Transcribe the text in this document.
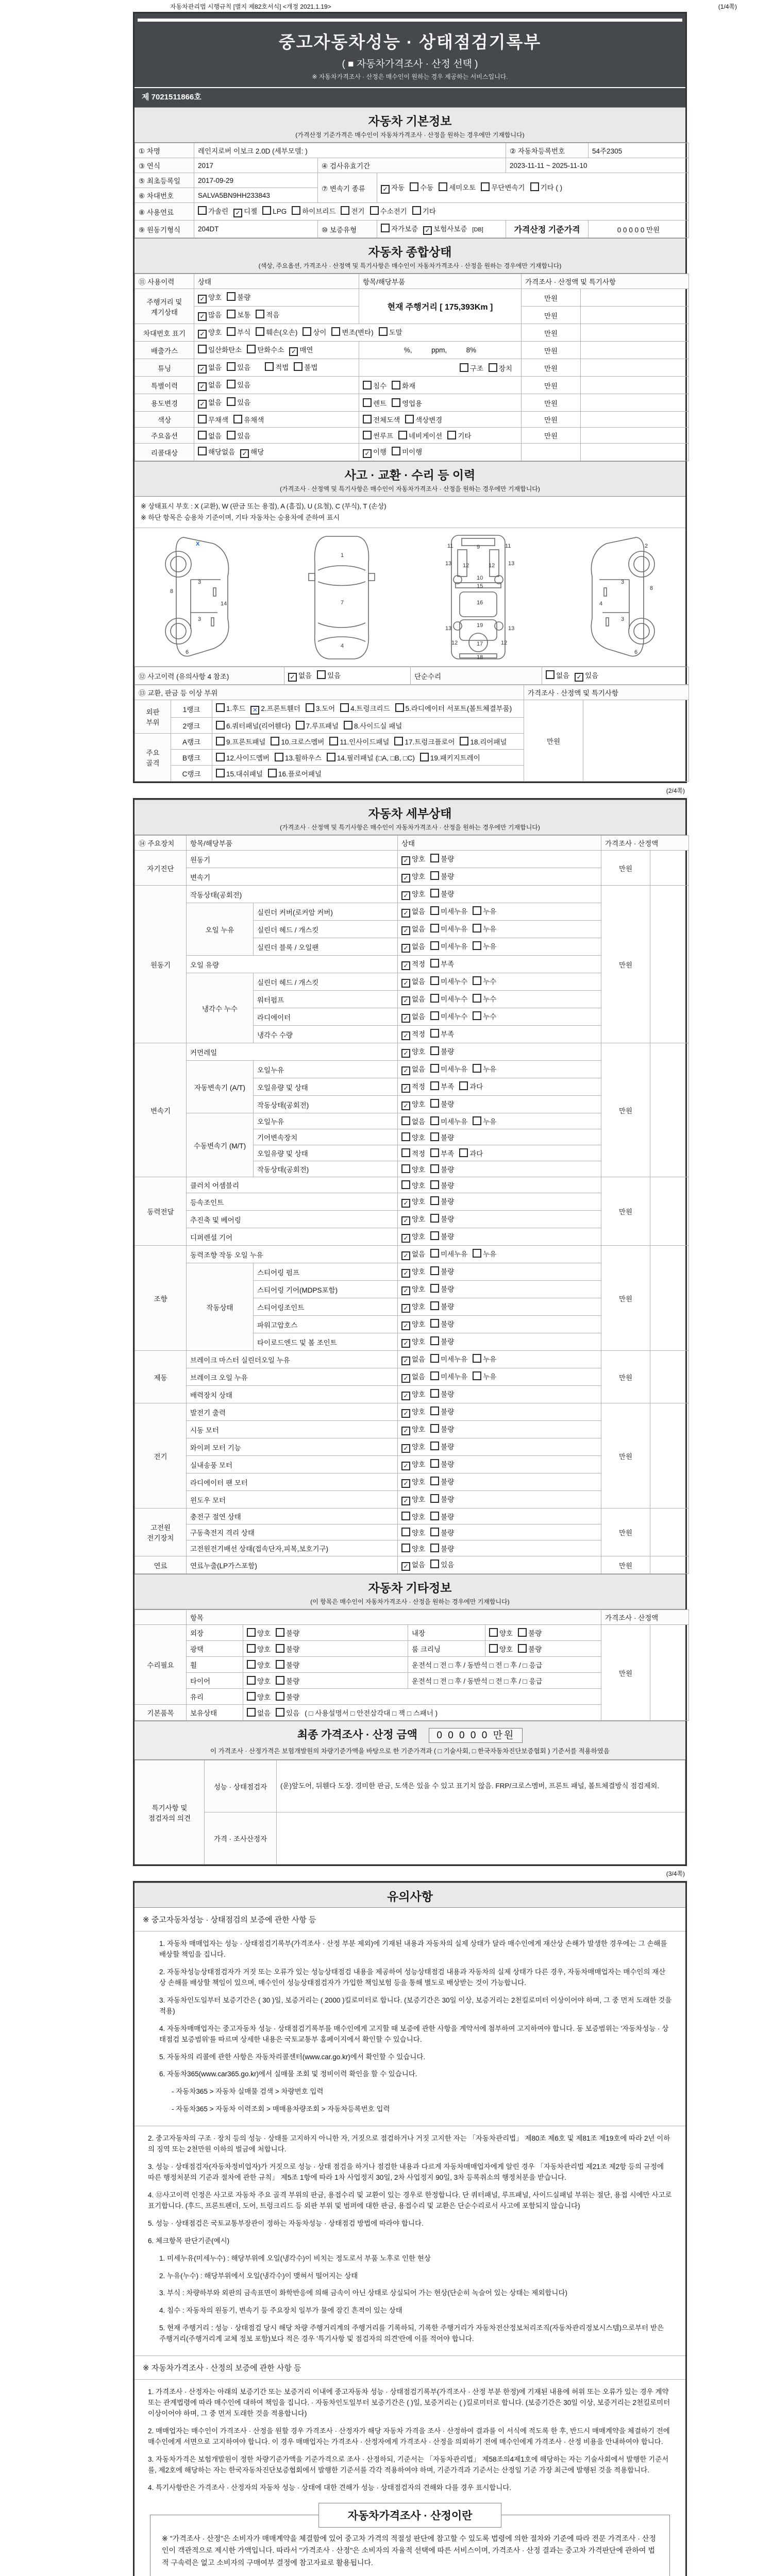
자동차관리법 시행규칙 [별지 제82호서식] <개정 2021.1.19>	(1/4쪽)
중고자동차성능 · 상태점검기록부
( ■ 자동차가격조사 · 산정 선택 )
※ 자동차가격조사 · 산정은 매수인이 원하는 경우 제공하는 서비스입니다.
제 7021511866호
자동차 기본정보
(가격산정 기준가격은 매수인이 자동차가격조사 · 산정을 원하는 경우에만 기재합니다)
① 차명	레인지로버 이보크 2.0D (세부모델: )			② 자동차등록번호	54주2305
③ 연식	2017	④ 검사유효기간		2023-11-11 ~ 2025-11-10	
⑤ 최초등록일	2017-09-29	⑦ 변속기 종류	✓ 자동 수동 세미오토 무단변속기 기타 ( )		
⑥ 차대번호	SALVA5BN9HH233843				
⑧ 사용연료	가솔린 ✓ 디젤 LPG 하이브리드 전기 수소전기 기타				
⑨ 원동기형식	204DT	⑩ 보증유형	자가보증 ✓ 보험사보증 [DB]	가격산정 기준가격	0 0 0 0 0 만원
자동차 종합상태
(색상, 주요옵션, 가격조사 · 산정액 및 특기사항은 매수인이 자동차가격조사 · 산정을 원하는 경우에만 기재합니다)
⑪ 사용이력	상태	항목/해당부품	가격조사 · 산정액 및 특기사항	
주행거리 및 계기상태	✓ 양호 불량	현재 주행거리 [ 175,393Km ]	만원	
	✓ 많음 보통 적음		만원	
차대번호 표기	✓ 양호 부식 훼손(오손) 상이 변조(변타) 도말		만원	
배출가스	일산화탄소 탄화수소 ✓ 매연	%,          ppm,          8%	만원	
튜닝	✓ 없음 있음 적법 불법	구조 장치	만원	
특별이력	✓ 없음 있음	침수 화재	만원	
용도변경	✓ 없음 있음	렌트 영업용	만원	
색상	무채색 유채색	전체도색 색상변경	만원	
주요옵션	없음 있음	썬루프 네비게이션 기타	만원	
리콜대상	해당없음 ✓ 해당	✓ 이행 미이행		
사고 · 교환 · 수리 등 이력
(가격조사 · 산정액 및 특기사항은 매수인이 자동차가격조사 · 산정을 원하는 경우에만 기재합니다)
※ 상태표시 부호 : X (교환), W (판금 또는 용접), A (흠집), U (요철), C (부식), T (손상)
※ 하단 항목은 승용차 기준이며, 기타 자동차는 승용차에 준하여 표시
X
8
3
14
3
6
1
7
4
9
11	11
13	13
12	12
10
15
16
19
13	13
12	12
17
18
2
3
8
4
3
6
⑫ 사고이력 (유의사항 4 참조)	✓ 없음 있음	단순수리	없음 ✓ 있음
⑬ 교환, 판금 등 이상 부위			가격조사 · 산정액 및 특기사항	
외판 부위	1랭크	1.후드 ✕ 2.프론트휀더 3.도어 4.트렁크리드 5.라디에이터 서포트(볼트체결부품)	만원	
	2랭크	6.쿼터패널(리어휀다) 7.루프패널 8.사이드실 패널		
주요 골격	A랭크	9.프론트패널 10.크로스멤버 11.인사이드패널 17.트렁크플로어 18.리어패널		
	B랭크	12.사이드멤버 13.휠하우스 14.필러패널 (□A, □B, □C) 19.패키지트레이		
	C랭크	15.대쉬패널 16.플로어패널		
(2/4쪽)
자동차 세부상태
(가격조사 · 산정액 및 특기사항은 매수인이 자동차가격조사 · 산정을 원하는 경우에만 기재합니다)
⑭ 주요장치	항목/해당부품		상태	가격조사 · 산정액	
자기진단	원동기		✓ 양호 불량	만원	
	변속기		✓ 양호 불량		
원동기	작동상태(공회전)		✓ 양호 불량	만원	
	오일 누유	실린더 커버(로커암 커버)	✓ 없음 미세누유 누유		
		실린더 헤드 / 개스킷	✓ 없음 미세누유 누유		
		실린더 블록 / 오일팬	✓ 없음 미세누유 누유		
	오일 유량		✓ 적정 부족		
	냉각수 누수	실린더 헤드 / 개스킷	✓ 없음 미세누수 누수		
		워터펌프	✓ 없음 미세누수 누수		
		라디에이터	✓ 없음 미세누수 누수		
		냉각수 수량	✓ 적정 부족		
변속기	커먼레일		✓ 양호 불량	만원	
	자동변속기 (A/T)	오일누유	✓ 없음 미세누유 누유		
		오일유량 및 상태	✓ 적정 부족 과다		
		작동상태(공회전)	✓ 양호 불량		
	수동변속기 (M/T)	오일누유	없음 미세누유 누유		
		기어변속장치	양호 불량		
		오일유량 및 상태	적정 부족 과다		
		작동상태(공회전)	양호 불량		
동력전달	클러치 어셈블리		양호 불량	만원	
	등속조인트		✓ 양호 불량		
	추진축 및 베어링		✓ 양호 불량		
	디퍼렌셜 기어		✓ 양호 불량		
조향	동력조향 작동 오일 누유		✓ 없음 미세누유 누유	만원	
	작동상태	스티어링 펌프	✓ 양호 불량		
		스티어링 기어(MDPS포함)	✓ 양호 불량		
		스티어링조인트	✓ 양호 불량		
		파워고압호스	✓ 양호 불량		
		타이로드엔드 및 볼 조인트	✓ 양호 불량		
제동	브레이크 마스터 실린더오일 누유		✓ 없음 미세누유 누유	만원	
	브레이크 오일 누유		✓ 없음 미세누유 누유		
	배력장치 상태		✓ 양호 불량		
전기	발전기 출력		✓ 양호 불량	만원	
	시동 모터		✓ 양호 불량		
	와이퍼 모터 기능		✓ 양호 불량		
	실내송풍 모터		✓ 양호 불량		
	라디에이터 팬 모터		✓ 양호 불량		
	윈도우 모터		✓ 양호 불량		
고전원 전기장치	충전구 절연 상태		양호 불량	만원	
	구동축전지 격리 상태		양호 불량		
	고전원전기배선 상태(접속단자,피복,보호기구)		양호 불량		
연료	연료누출(LP가스포함)		✓ 없음 있음	만원	
자동차 기타정보
(이 항목은 매수인이 자동차가격조사 · 산정을 원하는 경우에만 기재합니다)
	항목				가격조사 · 산정액	
수리필요	외장	양호 불량	내장	양호 불량	만원	
	광택	양호 불량	룸 크리닝	양호 불량		
	휠	양호 불량	운전석 □ 전 □ 후 / 동반석 □ 전 □ 후 / □ 응급			
	타이어	양호 불량	운전석 □ 전 □ 후 / 동반석 □ 전 □ 후 / □ 응급			
	유리	양호 불량				
기본품목	보유상태	없음 있음 ( □ 사용설명서 □ 안전삼각대 □ 잭 □ 스패너 )				
최종 가격조사 · 산정 금액 0 0 0 0 0 만원
이 가격조사 · 산정가격은 보험개발원의 차량기준가액을 바탕으로 한 기준가격과 ( □ 기술사회, □ 한국자동차진단보증협회 ) 기준서를 적용하였음
특기사항 및 점검자의 의견	성능 · 상태점검자	(운)앞도어, 뒤휀다 도장. 경미한 판금, 도색은 있을 수 있고 표기치 않음. FRP/크로스멤버, 프론트 패널, 볼트체결방식 점검제외.
	가격 · 조사산정자	
(3/4쪽)
유의사항
※ 중고자동차성능 · 상태점검의 보증에 관한 사항 등
1. 자동차 매매업자는 성능 · 상태점검기록부(가격조사 · 산정 부분 제외)에 기재된 내용과 자동차의 실제 상태가 달라 매수인에게 재산상 손해가 발생한 경우에는 그 손해를 배상할 책임을 집니다.
2. 자동차성능상태점검자가 거짓 또는 오류가 있는 성능상태점검 내용을 제공하여 성능상태점검 내용과 자동차의 실제 상태가 다른 경우, 자동차매매업자는 매수인의 재산상 손해를 배상할 책임이 있으며, 매수인이 성능상태점검자가 가입한 책임보험 등을 통해 별도로 배상받는 것이 가능합니다.
3. 자동차인도일부터 보증기간은 ( 30 )일, 보증거리는 ( 2000 )킬로미터로 합니다. (보증기간은 30일 이상, 보증거리는 2천킬로미터 이상이어야 하며, 그 중 먼저 도래한 것을 적용)
4. 자동차매매업자는 중고자동차 성능 · 상태점검기록부를 매수인에게 고지할 때 보증에 관한 사항을 계약서에 첨부하여 고지하여야 합니다. 동 보증범위는 '자동차성능 · 상태점검 보증범위'를 따르며 상세한 내용은 국토교통부 홈페이지에서 확인할 수 있습니다.
5. 자동차의 리콜에 관한 사항은 자동차리콜센터(www.car.go.kr)에서 확인할 수 있습니다.
6. 자동차365(www.car365.go.kr)에서 실매물 조회 및 정비이력 확인을 할 수 있습니다.
- 자동차365 > 자동차 실매물 검색 > 차량번호 입력
- 자동차365 > 자동차 이력조회 > 매매용차량조회 > 자동차등록번호 입력
2. 중고자동차의 구조 · 장치 등의 성능 · 상태를 고지하지 아니한 자, 거짓으로 점검하거나 거짓 고지한 자는 「자동차관리법」 제80조 제6호 및 제81조 제19호에 따라 2년 이하의 징역 또는 2천만원 이하의 벌금에 처합니다.
3. 성능 · 상태점검자(자동차정비업자)가 거짓으로 성능 · 상태 점검을 하거나 점검한 내용과 다르게 자동차매매업자에게 알린 경우 「자동차관리법 제21조 제2항 등의 규정에 따른 행정처분의 기준과 절차에 관한 규칙」 제5조 1항에 따라 1차 사업정지 30일, 2차 사업정지 90일, 3차 등록취소의 행정처분을 받습니다.
4. ⑫사고이력 인정은 사고로 자동차 주요 골격 부위의 판금, 용접수리 및 교환이 있는 경우로 한정합니다. 단 쿼터패널, 루프패널, 사이드실패널 부위는 절단, 용접 시에만 사고로 표기합니다. (후드, 프론트펜더, 도어, 트렁크리드 등 외판 부위 및 범퍼에 대한 판금, 용접수리 및 교환은 단순수리로서 사고에 포함되지 않습니다)
5. 성능 · 상태점검은 국토교통부장관이 정하는 자동차성능 · 상태점검 방법에 따라야 합니다.
6. 체크항목 판단기준(예시)
1. 미세누유(미세누수) : 해당부위에 오일(냉각수)이 비치는 정도로서 부품 노후로 인한 현상
2. 누유(누수) : 해당부위에서 오일(냉각수)이 맺혀서 떨어지는 상태
3. 부식 : 차량하부와 외판의 금속표면이 화학반응에 의해 금속이 아닌 상태로 상실되어 가는 현상(단순히 녹슬어 있는 상태는 제외합니다)
4. 침수 : 자동차의 원동기, 변속기 등 주요장치 일부가 물에 잠긴 흔적이 있는 상태
5. 현재 주행거리 : 성능 · 상태점검 당시 해당 차량 주행거리계의 주행거리를 기록하되, 기록한 주행거리가 자동차전산정보처리조직(자동차관리정보시스템)으로부터 받은 주행거리(주행거리계 교체 정보 포함)보다 적은 경우 '특기사항 및 점검자의 의견'란에 이를 적어야 합니다.
※ 자동차가격조사 · 산정의 보증에 관한 사항 등
1. 가격조사 · 산정자는 아래의 보증기간 또는 보증거리 이내에 중고자동차 성능 · 상태점검기록부(가격조사 · 산정 부분 한정)에 기재된 내용에 허위 또는 오류가 있는 경우 계약 또는 관계법령에 따라 매수인에 대하여 책임을 집니다. · 자동차인도일부터 보증기간은 ( )일, 보증거리는 ( )킬로미터로 합니다. (보증기간은 30일 이상, 보증거리는 2천킬로미터 이상이어야 하며, 그 중 먼저 도래한 것을 적용합니다)
2. 매매업자는 매수인이 가격조사 · 산정을 원할 경우 가격조사 · 산정자가 해당 자동차 가격을 조사 · 산정하여 결과를 이 서식에 적도록 한 후, 반드시 매매계약을 체결하기 전에 매수인에게 서면으로 고지하여야 합니다. 이 경우 매매업자는 가격조사 · 산정자에게 가격조사 · 산정을 의뢰하기 전에 매수인에게 가격조사 · 산정 비용을 안내하여야 합니다.
3. 자동차가격은 보험개발원이 정한 차량기준가액을 기준가격으로 조사 · 산정하되, 기준서는 「자동차관리법」 제58조의4제1호에 해당하는 자는 기술사회에서 발행한 기준서를, 제2호에 해당하는 자는 한국자동차진단보증협회에서 발행한 기준서를 각각 적용하여야 하며, 기준가격과 기준서는 산정일 기준 가장 최근에 발행된 것을 적용합니다.
4. 특기사항란은 가격조사 · 산정자의 자동차 성능 · 상태에 대한 견해가 성능 · 상태점검자의 견해와 다를 경우 표시합니다.
자동차가격조사 · 산정이란
※ "가격조사 · 산정"은 소비자가 매매계약을 체결함에 있어 중고차 가격의 적절성 판단에 참고할 수 있도록 법령에 의한 절차와 기준에 따라 전문 가격조사 · 산정인이 객관적으로 제시한 가액입니다. 따라서 "가격조사 · 산정"은 소비자의 자율적 선택에 따른 서비스이며, 가격조사 · 산정 결과는 중고차 가격판단에 관하여 법적 구속력은 없고 소비자의 구매여부 결정에 참고자료로 활용됩니다.
